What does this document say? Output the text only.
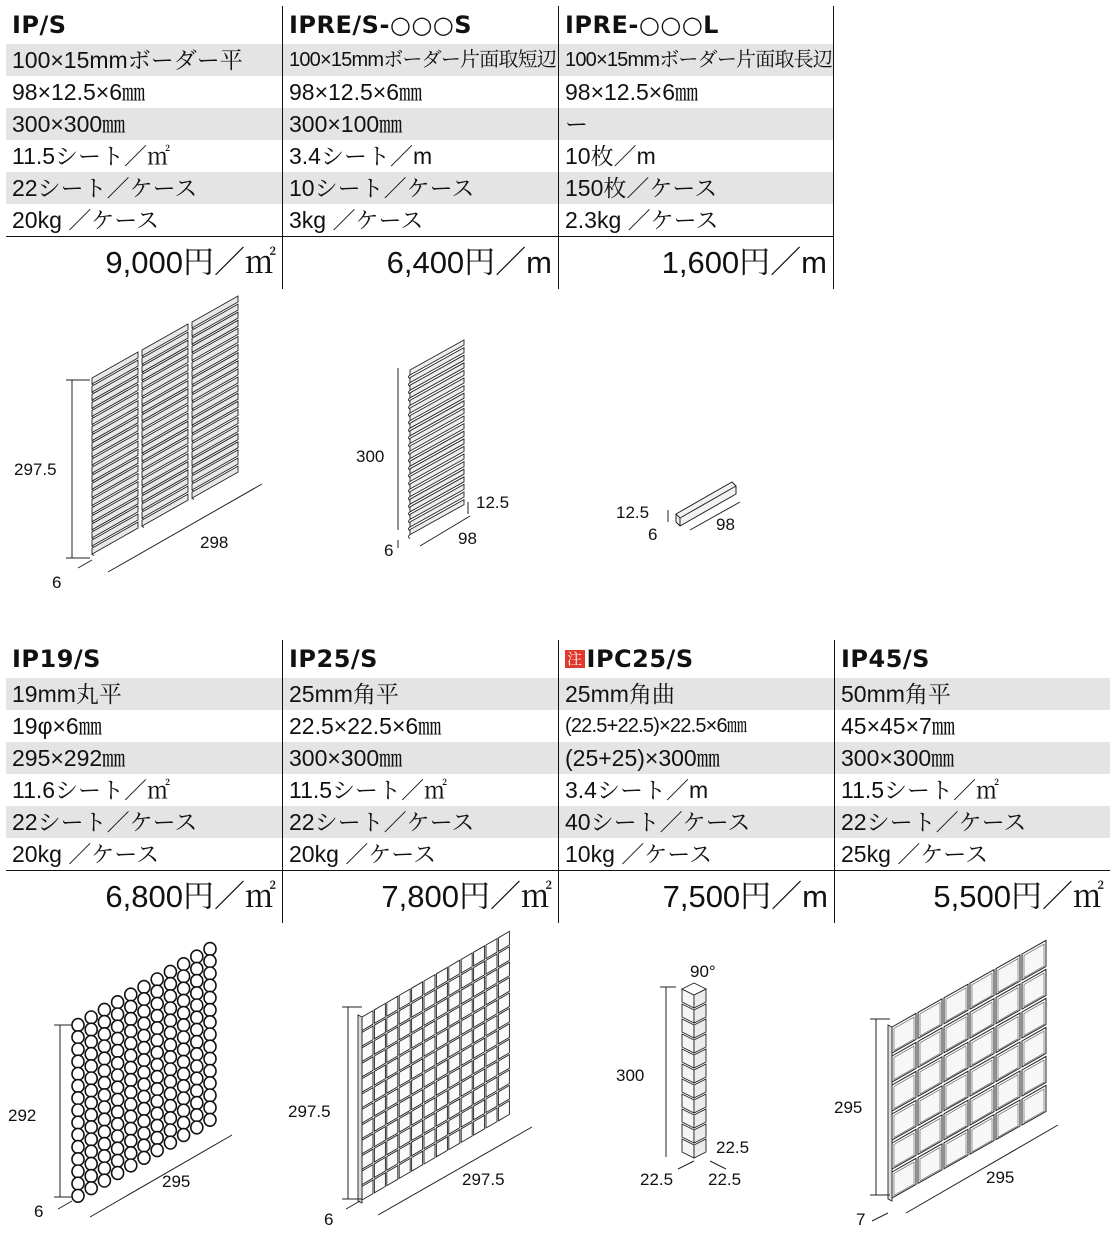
IP/S
100×15mmボーダー平
98×12.5×6㎜
300×300㎜
11.5シート／㎡
22シート／ケース
20kg ／ケース
9,000円／㎡
IPRE/S-○○○S
100×15mmボーダー片面取短辺
98×12.5×6㎜
300×100㎜
3.4シート／m
10シート／ケース
3kg ／ケース
6,400円／m
IPRE-○○○L
100×15mmボーダー片面取長辺
98×12.5×6㎜
ー
10枚／m
150枚／ケース
2.3kg ／ケース
1,600円／m
297.5
298
6
300
12.5
98
6
12.5
6
98
IP19/S
19mm丸平
19φ×6㎜
295×292㎜
11.6シート／㎡
22シート／ケース
20kg ／ケース
6,800円／㎡
IP25/S
25mm角平
22.5×22.5×6㎜
300×300㎜
11.5シート／㎡
22シート／ケース
20kg ／ケース
7,800円／㎡
注 IPC25/S
25mm角曲
(22.5+22.5)×22.5×6㎜
(25+25)×300㎜
3.4シート／m
40シート／ケース
10kg ／ケース
7,500円／m
IP45/S
50mm角平
45×45×7㎜
300×300㎜
11.5シート／㎡
22シート／ケース
25kg ／ケース
5,500円／㎡
292
295
6
297.5
297.5
6
90°
300
22.5
22.5 22.5
295
295
7
